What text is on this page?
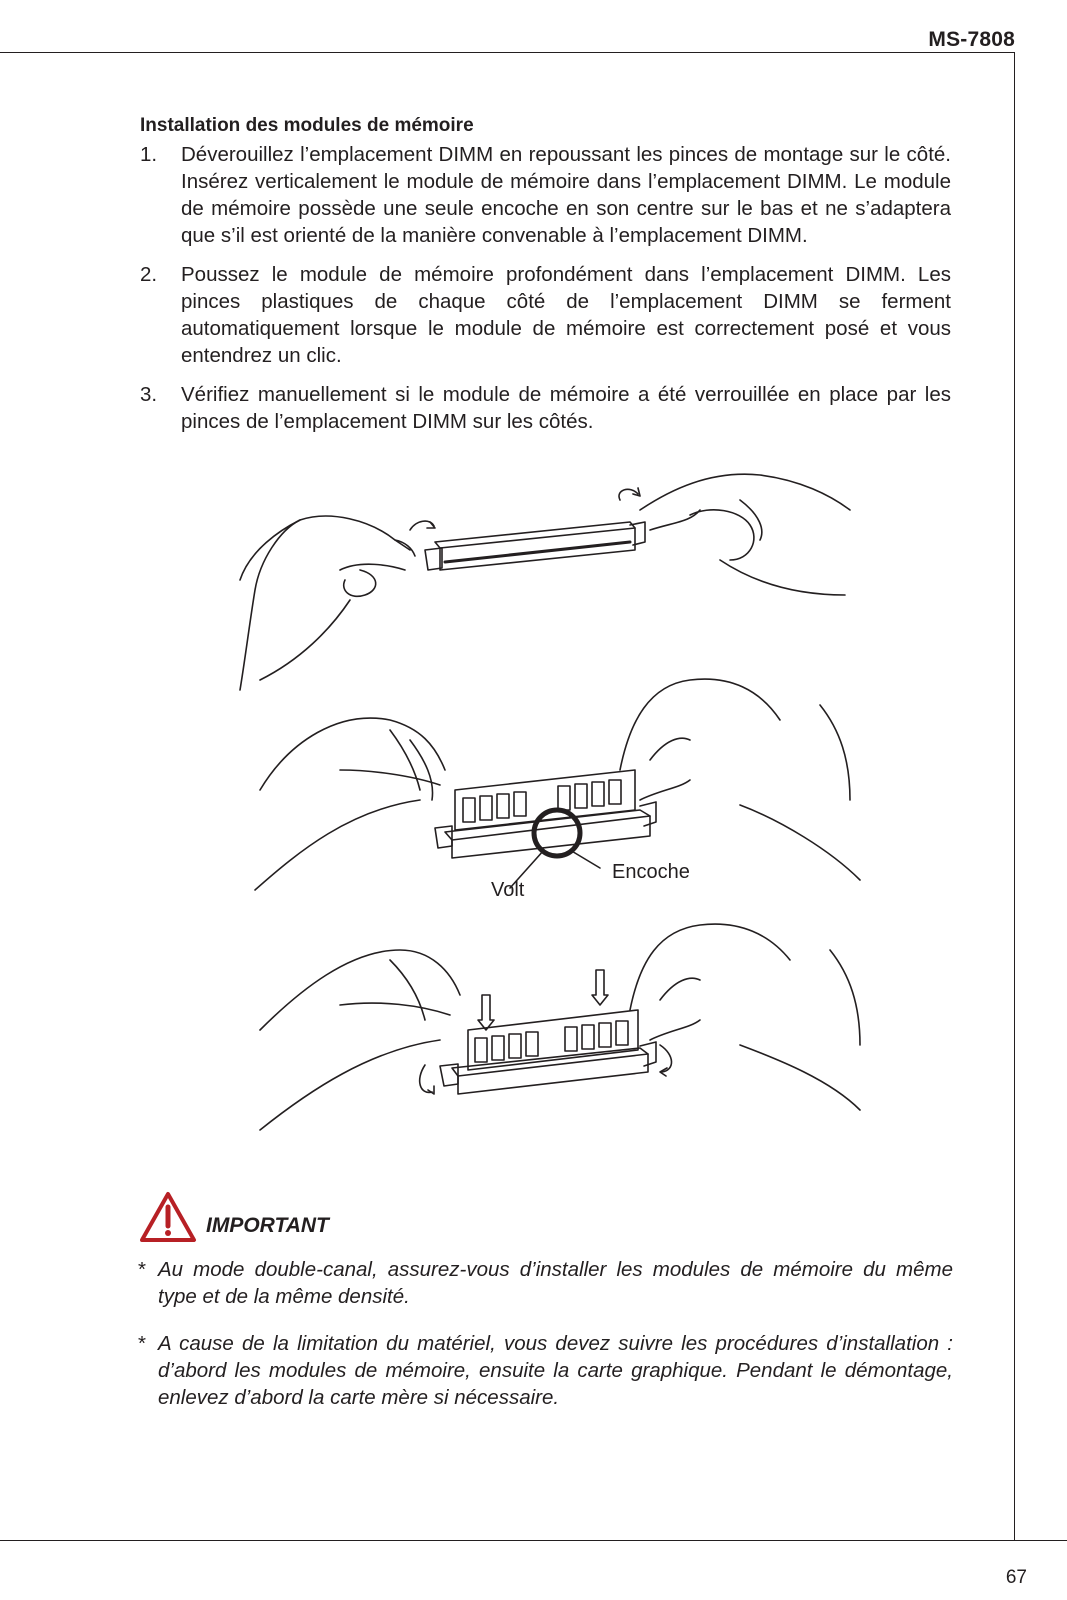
MS-7808
Installation des modules de mémoire
1. Déverouillez l’emplacement DIMM en repoussant les pinces de montage sur le côté. Insérez verticalement le module de mémoire dans l’emplacement DIMM. Le module de mémoire possède une seule encoche en son centre sur le bas et ne s’adaptera que s’il est orienté de la manière convenable à l’emplacement DIMM.
2. Poussez le module de mémoire profondément dans l’emplacement DIMM. Les pinces plastiques de chaque côté de l’emplacement DIMM se ferment automatiquement lorsque le module de mémoire est correctement posé et vous entendrez un clic.
3. Vérifiez manuellement si le module de mémoire a été verrouillée en place par les pinces de l’emplacement DIMM sur les côtés.
Encoche
Volt
IMPORTANT
* Au mode double-canal, assurez-vous d’installer les modules de mémoire du même type et de la même densité.
* A cause de la limitation du matériel, vous devez suivre les procédures d’installation : d’abord les modules de mémoire, ensuite la carte graphique. Pendant le démontage, enlevez d’abord la carte mère si nécessaire.
67
